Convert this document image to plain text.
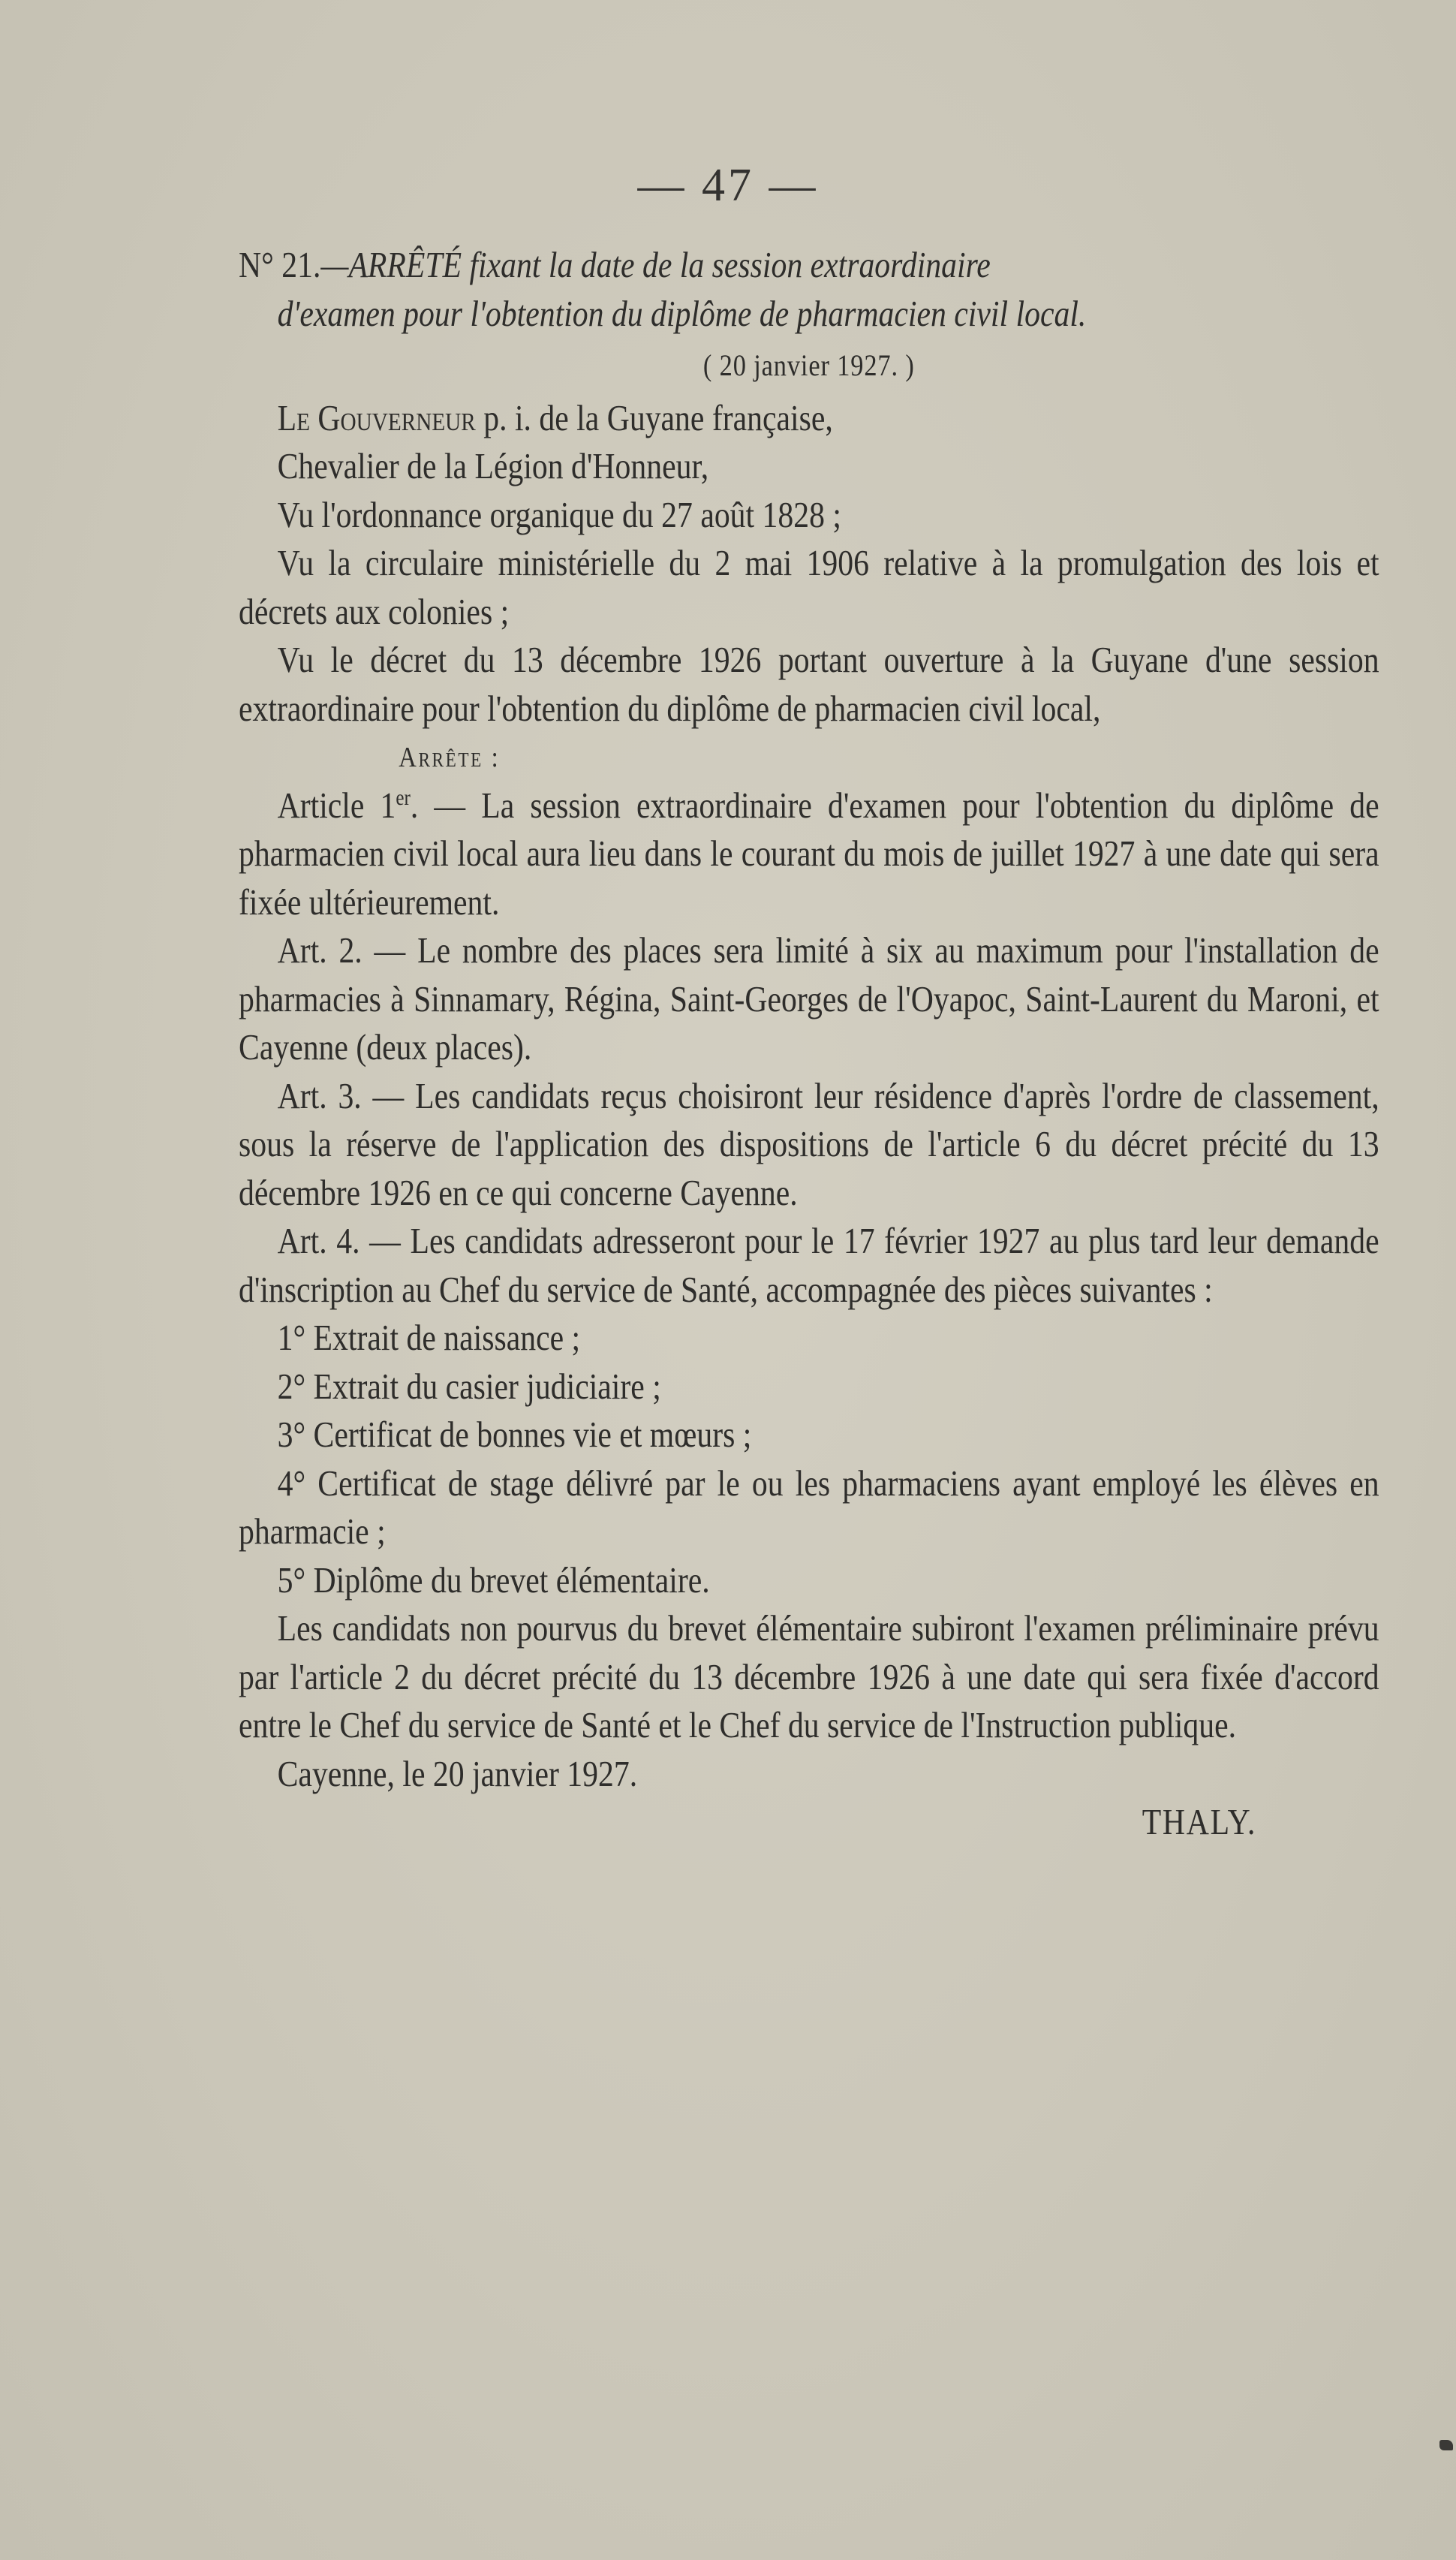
— 47 —

N° 21.—ARRÊTÉ fixant la date de la session extraordinaire
d'examen pour l'obtention du diplôme de pharmacien civil local.

( 20 janvier 1927. )

Le Gouverneur p. i. de la Guyane française,

Chevalier de la Légion d'Honneur,

Vu l'ordonnance organique du 27 août 1828 ;

Vu la circulaire ministérielle du 2 mai 1906 relative à la promulgation des lois et décrets aux colonies ;

Vu le décret du 13 décembre 1926 portant ouverture à la Guyane d'une session extraordinaire pour l'obtention du diplôme de pharmacien civil local,

Arrête :

Article 1er. — La session extraordinaire d'examen pour l'obtention du diplôme de pharmacien civil local aura lieu dans le courant du mois de juillet 1927 à une date qui sera fixée ultérieurement.

Art. 2. — Le nombre des places sera limité à six au maximum pour l'installation de pharmacies à Sinnamary, Régina, Saint-Georges de l'Oyapoc, Saint-Laurent du Maroni, et Cayenne (deux places).

Art. 3. — Les candidats reçus choisiront leur résidence d'après l'ordre de classement, sous la réserve de l'application des dispositions de l'article 6 du décret précité du 13 décembre 1926 en ce qui concerne Cayenne.

Art. 4. — Les candidats adresseront pour le 17 février 1927 au plus tard leur demande d'inscription au Chef du service de Santé, accompagnée des pièces suivantes :

1° Extrait de naissance ;

2° Extrait du casier judiciaire ;

3° Certificat de bonnes vie et mœurs ;

4° Certificat de stage délivré par le ou les pharmaciens ayant employé les élèves en pharmacie ;

5° Diplôme du brevet élémentaire.

Les candidats non pourvus du brevet élémentaire subiront l'examen préliminaire prévu par l'article 2 du décret précité du 13 décembre 1926 à une date qui sera fixée d'accord entre le Chef du service de Santé et le Chef du service de l'Instruction publique.

Cayenne, le 20 janvier 1927.

THALY.
